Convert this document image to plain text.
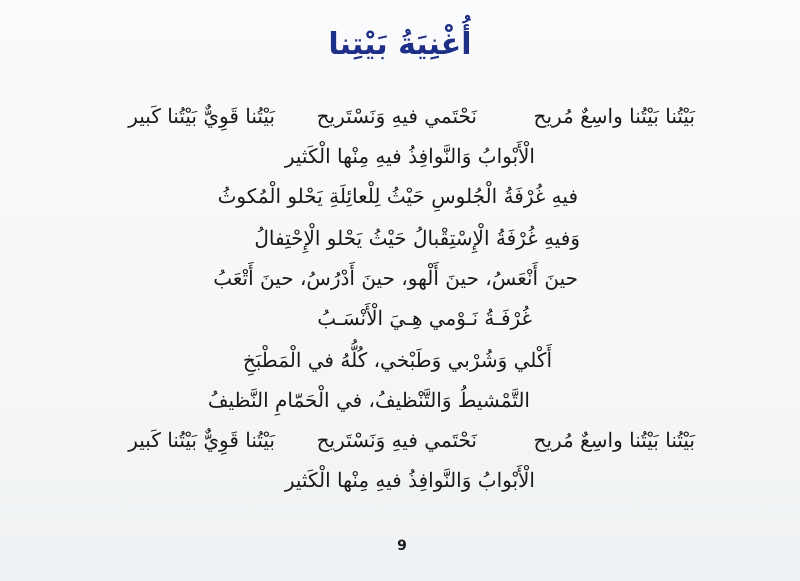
أُغْنِيَةُ بَيْتِنا
بَيْتُنا بَيْتُنا واسِعٌ مُريح
نَحْتَمي فيهِ وَنَسْتَريح
بَيْتُنا قَوِيٌّ بَيْتُنا كَبير
الْأَبْوابُ وَالنَّوافِذُ فيهِ مِنْها الْكَثير
فيهِ غُرْفَةُ الْجُلوسِ حَيْثُ لِلْعائِلَةِ يَحْلو الْمُكوثُ
وَفيهِ غُرْفَةُ الْإِسْتِقْبالُ حَيْثُ يَحْلو الْإِحْتِفالُ
حينَ أَنْعَسُ، حينَ أَلْهو، حينَ أَدْرُسُ، حينَ أَتْعَبُ
غُرْفَـةُ نَـوْمي هِـيَ الْأَنْسَـبُ
أَكْلي وَشُرْبي وَطَبْخي، كُلُّهُ في الْمَطْبَخِ
التَّمْشيطُ وَالتَّنْظيفُ، في الْحَمّامِ النَّظيفُ
بَيْتُنا بَيْتُنا واسِعٌ مُريح
نَحْتَمي فيهِ وَنَسْتَريح
بَيْتُنا قَوِيٌّ بَيْتُنا كَبير
الْأَبْوابُ وَالنَّوافِذُ فيهِ مِنْها الْكَثير
9
